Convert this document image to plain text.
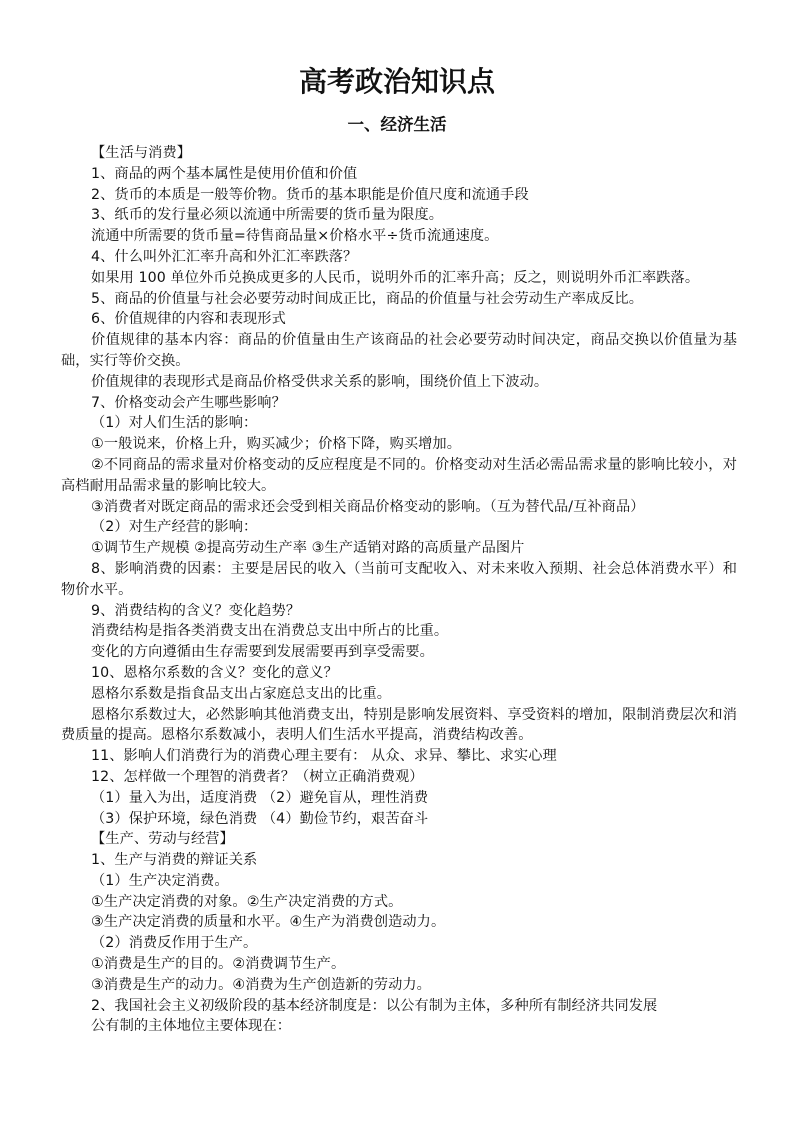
高考政治知识点
一、经济生活

【生活与消费】

1、商品的两个基本属性是使用价值和价值

2、货币的本质是一般等价物。货币的基本职能是价值尺度和流通手段

3、纸币的发行量必须以流通中所需要的货币量为限度。

流通中所需要的货币量=待售商品量×价格水平÷货币流通速度。

4、什么叫外汇汇率升高和外汇汇率跌落？

如果用 100 单位外币兑换成更多的人民币，说明外币的汇率升高；反之，则说明外币汇率跌落。

5、商品的价值量与社会必要劳动时间成正比，商品的价值量与社会劳动生产率成反比。

6、价值规律的内容和表现形式

价值规律的基本内容：商品的价值量由生产该商品的社会必要劳动时间决定，商品交换以价值量为基础，实行等价交换。

价值规律的表现形式是商品价格受供求关系的影响，围绕价值上下波动。

7、价格变动会产生哪些影响？

（1）对人们生活的影响：

①一般说来，价格上升，购买减少；价格下降，购买增加。

②不同商品的需求量对价格变动的反应程度是不同的。价格变动对生活必需品需求量的影响比较小，对高档耐用品需求量的影响比较大。

③消费者对既定商品的需求还会受到相关商品价格变动的影响。（互为替代品/互补商品）

（2）对生产经营的影响：

①调节生产规模 ②提高劳动生产率 ③生产适销对路的高质量产品图片

8、影响消费的因素：主要是居民的收入（当前可支配收入、对未来收入预期、社会总体消费水平）和物价水平。

9、消费结构的含义？变化趋势？

消费结构是指各类消费支出在消费总支出中所占的比重。

变化的方向遵循由生存需要到发展需要再到享受需要。

10、恩格尔系数的含义？变化的意义？

恩格尔系数是指食品支出占家庭总支出的比重。

恩格尔系数过大，必然影响其他消费支出，特别是影响发展资料、享受资料的增加，限制消费层次和消费质量的提高。恩格尔系数减小，表明人们生活水平提高，消费结构改善。

11、影响人们消费行为的消费心理主要有： 从众、求异、攀比、求实心理

12、怎样做一个理智的消费者？（树立正确消费观）

（1）量入为出，适度消费 （2）避免盲从，理性消费

（3）保护环境，绿色消费 （4）勤俭节约，艰苦奋斗

【生产、劳动与经营】

1、生产与消费的辩证关系

（1）生产决定消费。

①生产决定消费的对象。②生产决定消费的方式。

③生产决定消费的质量和水平。④生产为消费创造动力。

（2）消费反作用于生产。

①消费是生产的目的。②消费调节生产。

③消费是生产的动力。④消费为生产创造新的劳动力。

2、我国社会主义初级阶段的基本经济制度是：以公有制为主体，多种所有制经济共同发展

公有制的主体地位主要体现在：
